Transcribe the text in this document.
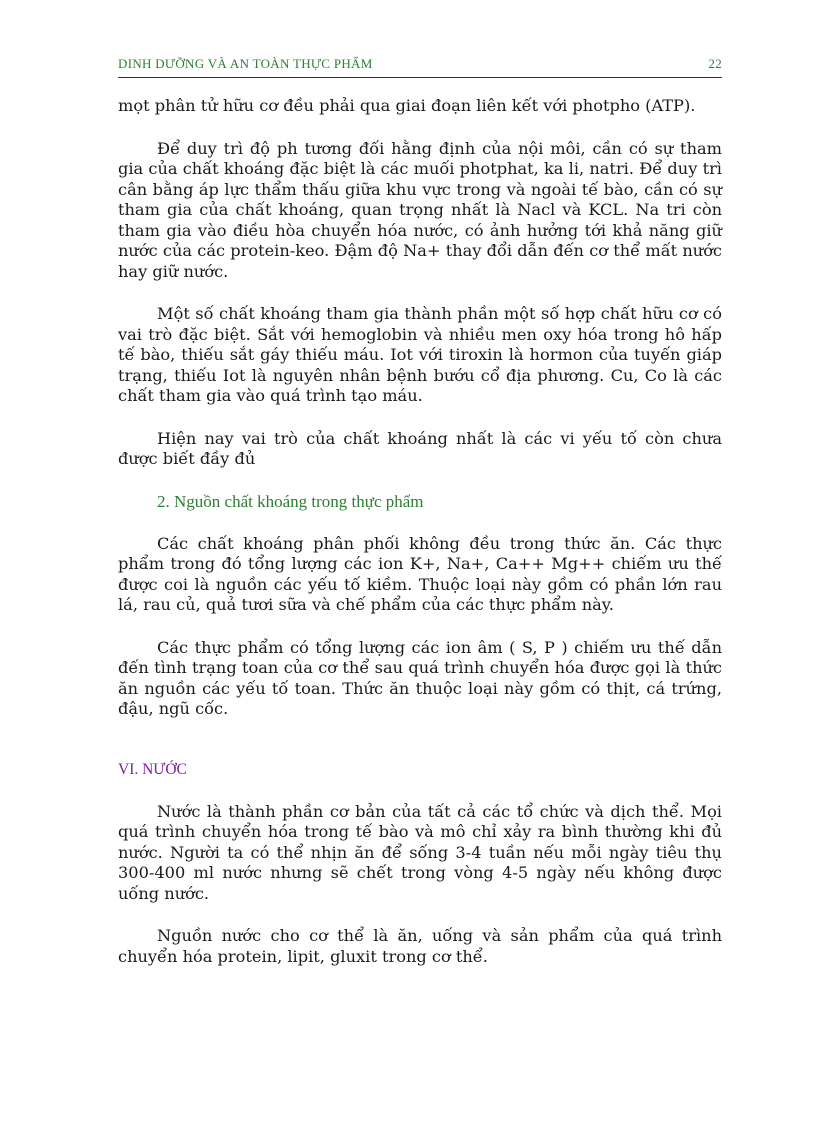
DINH DƯỠNG VÀ AN TOÀN THỰC PHẨM	22

mọt phân tử hữu cơ đều phải qua giai đoạn liên kết với photpho (ATP).

Để duy trì độ ph tương đối hằng định của nội môi, cần có sự tham gia của chất khoáng đặc biệt là các muối photphat, ka li, natri. Để duy trì cân bằng áp lực thẩm thấu giữa khu vực trong và ngoài tế bào, cần có sự tham gia của chất khoáng, quan trọng nhất là Nacl và KCL. Na tri còn tham gia vào điều hòa chuyển hóa nước, có ảnh hưởng tới khả năng giữ nước của các protein-keo. Đậm độ Na+ thay đổi dẫn đến cơ thể mất nước hay giữ nước.

Một số chất khoáng tham gia thành phần một số hợp chất hữu cơ có vai trò đặc biệt. Sắt với hemoglobin và nhiều men oxy hóa trong hô hấp tế bào, thiếu sắt gáy thiếu máu. Iot với tiroxin là hormon của tuyến giáp trạng, thiếu Iot là nguyên nhân bệnh bướu cổ địa phương. Cu, Co là các chất tham gia vào quá trình tạo máu.

Hiện nay vai trò của chất khoáng nhất là các vi yếu tố còn chưa được biết đầy đủ

2. Nguồn chất khoáng trong thực phẩm

Các chất khoáng phân phối không đều trong thức ăn. Các thực phẩm trong đó tổng lượng các ion K+, Na+, Ca++ Mg++ chiếm ưu thế được coi là nguồn các yếu tố kiềm. Thuộc loại này gồm có phần lớn rau lá, rau củ, quả tươi sữa và chế phẩm của các thực phẩm này.

Các thực phẩm có tổng lượng các ion âm ( S, P ) chiếm ưu thế dẫn đến tình trạng toan của cơ thể sau quá trình chuyển hóa được gọi là thức ăn nguồn các yếu tố toan. Thức ăn thuộc loại này gồm có thịt, cá trứng, đậu, ngũ cốc.

VI. NƯỚC

Nước là thành phần cơ bản của tất cả các tổ chức và dịch thể. Mọi quá trình chuyển hóa trong tế bào và mô chỉ xảy ra bình thường khi đủ nước. Người ta có thể nhịn ăn để sống 3-4 tuần nếu mỗi ngày tiêu thụ 300-400 ml nước nhưng sẽ chết trong vòng 4-5 ngày nếu không được uống nước.

Nguồn nước cho cơ thể là ăn, uống và sản phẩm của quá trình chuyển hóa protein, lipit, gluxit trong cơ thể.
